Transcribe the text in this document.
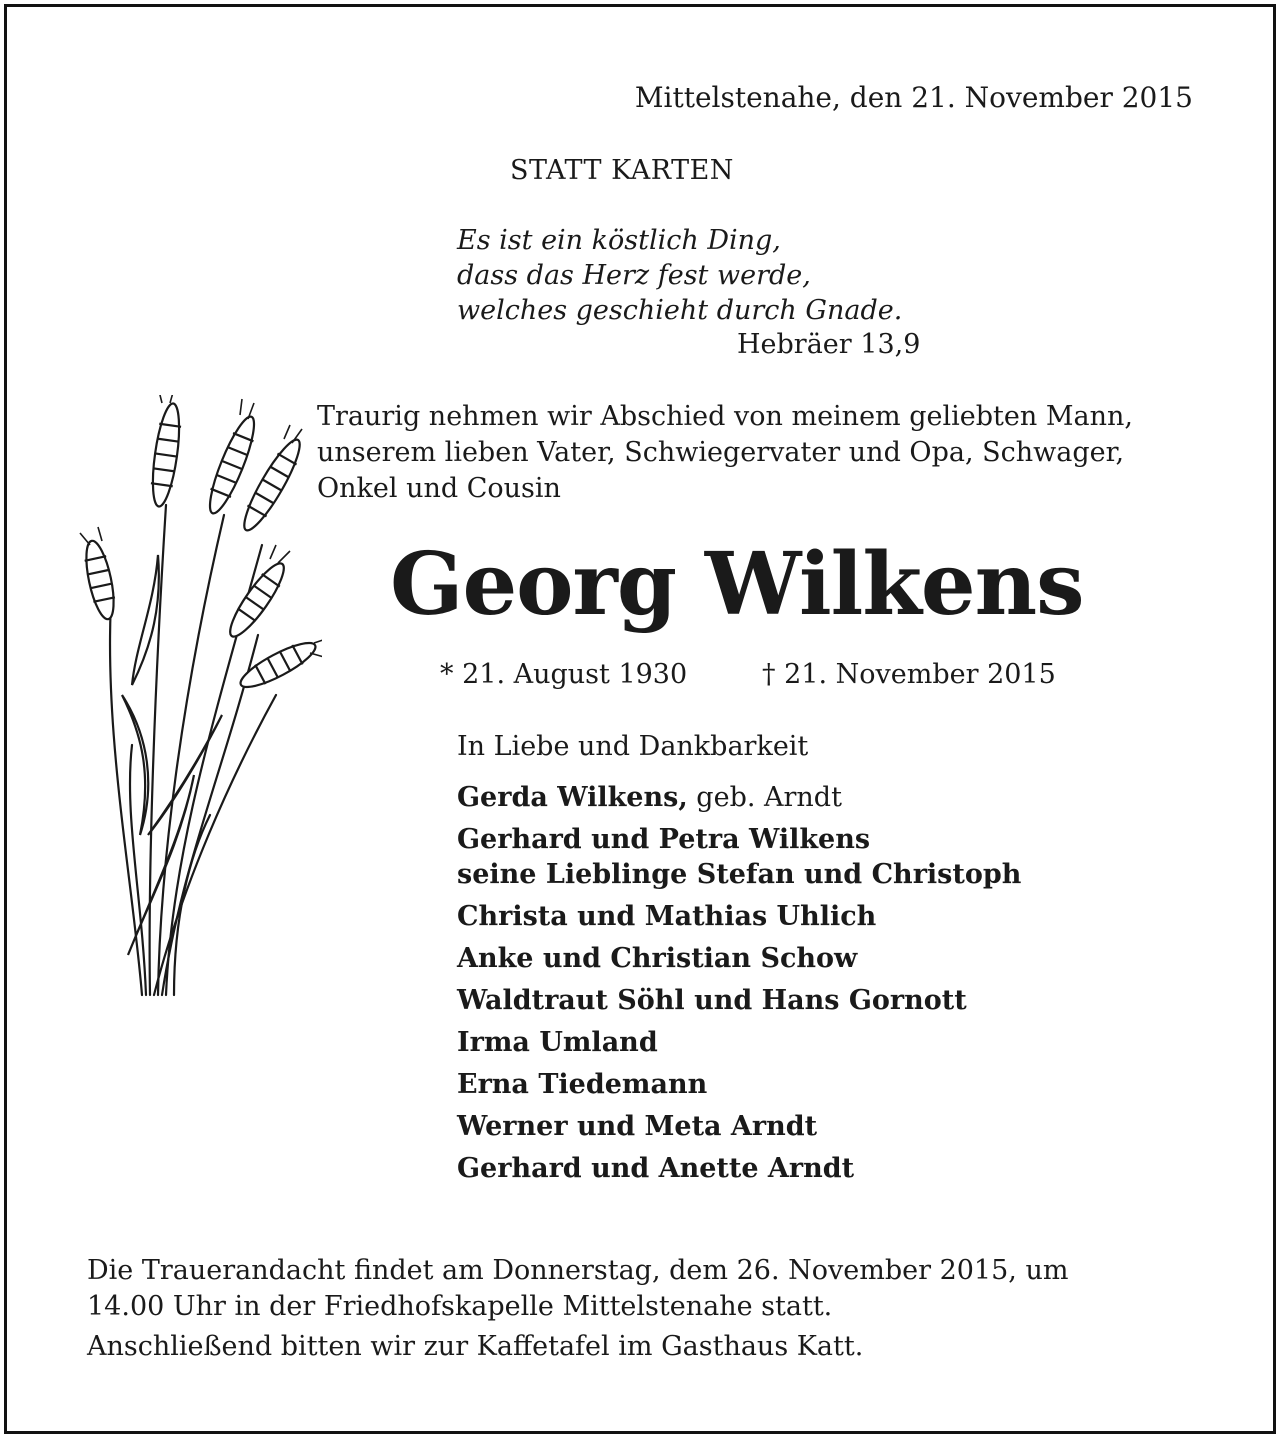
Mittelstenahe, den 21. November 2015
STATT KARTEN
Es ist ein köstlich Ding,
dass das Herz fest werde,
welches geschieht durch Gnade.
Hebräer 13,9
Traurig nehmen wir Abschied von meinem geliebten Mann,
unserem lieben Vater, Schwiegervater und Opa, Schwager,
Onkel und Cousin
Georg Wilkens
* 21. August 1930	† 21. November 2015
In Liebe und Dankbarkeit
Gerda Wilkens, geb. Arndt
Gerhard und Petra Wilkens
seine Lieblinge Stefan und Christoph
Christa und Mathias Uhlich
Anke und Christian Schow
Waldtraut Söhl und Hans Gornott
Irma Umland
Erna Tiedemann
Werner und Meta Arndt
Gerhard und Anette Arndt
Die Trauerandacht findet am Donnerstag, dem 26. November 2015, um
14.00 Uhr in der Friedhofskapelle Mittelstenahe statt.
Anschließend bitten wir zur Kaffetafel im Gasthaus Katt.
